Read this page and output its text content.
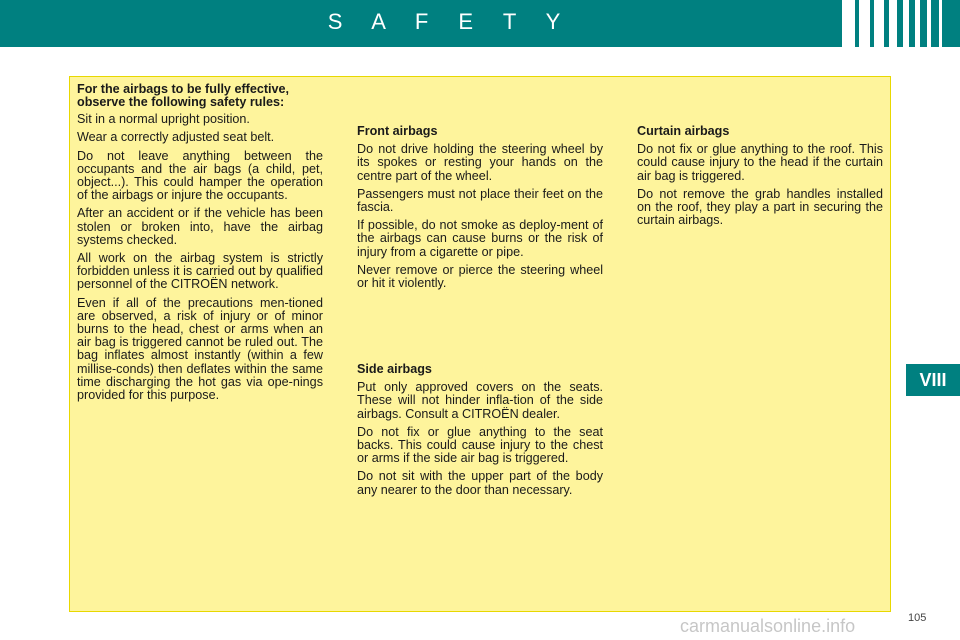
S A F E T Y

For the airbags to be fully effective, observe the following safety rules:

Sit in a normal upright position.

Wear a correctly adjusted seat belt.

Do not leave anything between the occupants and the air bags (a child, pet, object...). This could hamper the operation of the airbags or injure the occupants.

After an accident or if the vehicle has been stolen or broken into, have the airbag systems checked.

All work on the airbag system is strictly forbidden unless it is carried out by qualified personnel of the CITROËN network.

Even if all of the precautions men-tioned are observed, a risk of injury or of minor burns to the head, chest or arms when an air bag is triggered cannot be ruled out. The bag inflates almost instantly (within a few millise-conds) then deflates within the same time discharging the hot gas via ope-nings provided for this purpose.

Front airbags

Do not drive holding the steering wheel by its spokes or resting your hands on the centre part of the wheel.

Passengers must not place their feet on the fascia.

If possible, do not smoke as deploy-ment of the airbags can cause burns or the risk of injury from a cigarette or pipe.

Never remove or pierce the steering wheel or hit it violently.

Side airbags

Put only approved covers on the seats. These will not hinder infla-tion of the side airbags. Consult a CITROËN dealer.

Do not fix or glue anything to the seat backs. This could cause injury to the chest or arms if the side air bag is triggered.

Do not sit with the upper part of the body any nearer to the door than necessary.

Curtain airbags

Do not fix or glue anything to the roof. This could cause injury to the head if the curtain air bag is triggered.

Do not remove the grab handles installed on the roof, they play a part in securing the curtain airbags.

VIII
105
carmanualsonline.info
